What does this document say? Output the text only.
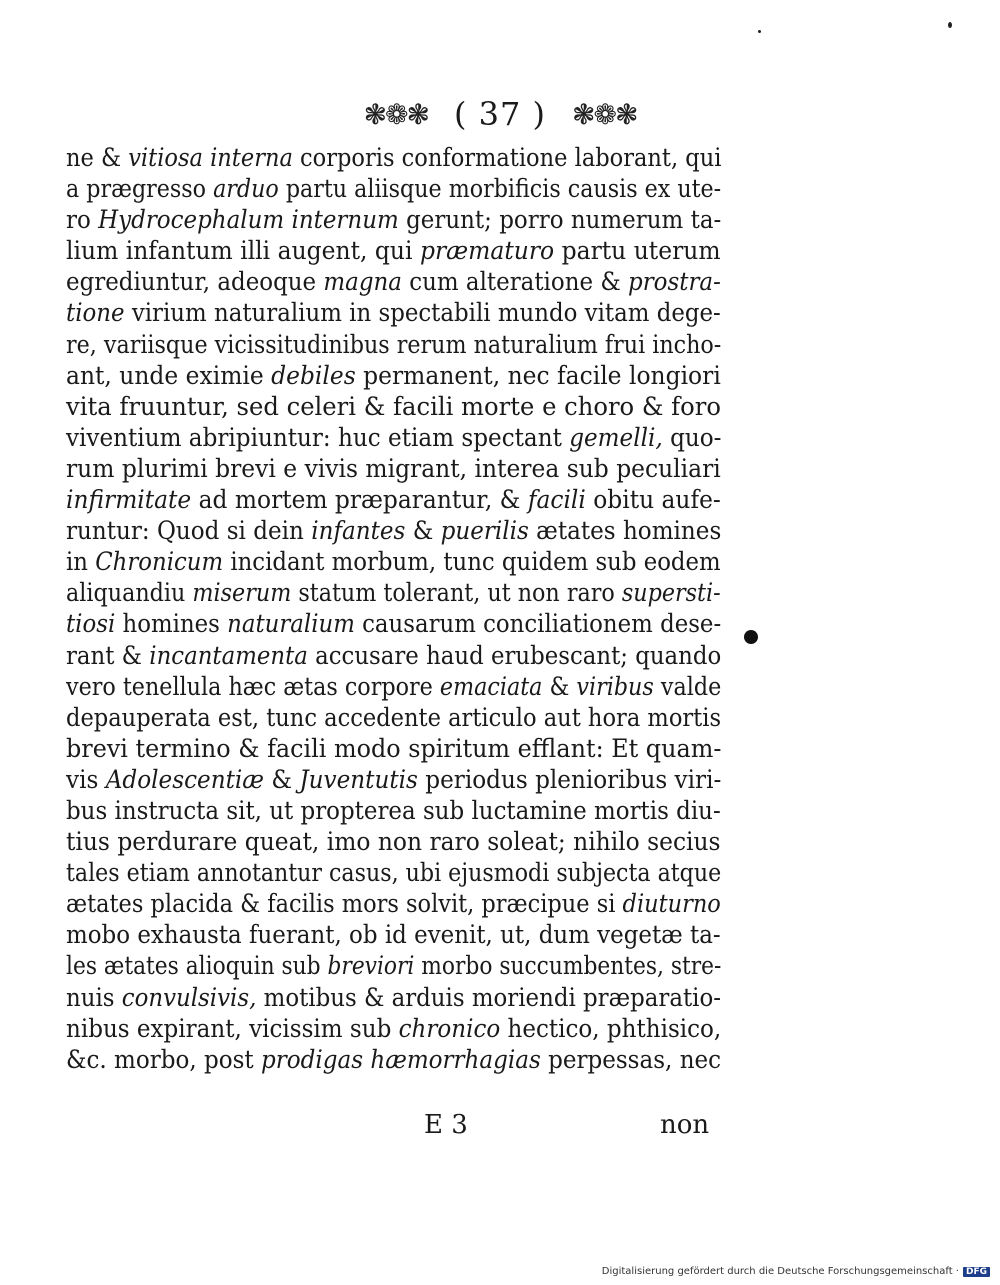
❃❁❃ ( 37 ) ❃❁❃
ne & vitiosa interna corporis conformatione laborant, qui
a prægresso arduo partu aliisque morbificis causis ex ute-
ro Hydrocephalum internum gerunt; porro numerum ta-
lium infantum illi augent, qui præmaturo partu uterum
egrediuntur, adeoque magna cum alteratione & prostra-
tione virium naturalium in spectabili mundo vitam dege-
re, variisque vicissitudinibus rerum naturalium frui incho-
ant, unde eximie debiles permanent, nec facile longiori
vita fruuntur, sed celeri & facili morte e choro & foro
viventium abripiuntur: huc etiam spectant gemelli, quo-
rum plurimi brevi e vivis migrant, interea sub peculiari
infirmitate ad mortem præparantur, & facili obitu aufe-
runtur: Quod si dein infantes & puerilis ætates homines
in Chronicum incidant morbum, tunc quidem sub eodem
aliquandiu miserum statum tolerant, ut non raro supersti-
tiosi homines naturalium causarum conciliationem dese-
rant & incantamenta accusare haud erubescant; quando
vero tenellula hæc ætas corpore emaciata & viribus valde
depauperata est, tunc accedente articulo aut hora mortis
brevi termino & facili modo spiritum efflant: Et quam-
vis Adolescentiæ & Juventutis periodus plenioribus viri-
bus instructa sit, ut propterea sub luctamine mortis diu-
tius perdurare queat, imo non raro soleat; nihilo secius
tales etiam annotantur casus, ubi ejusmodi subjecta atque
ætates placida & facilis mors solvit, præcipue si diuturno
mobo exhausta fuerant, ob id evenit, ut, dum vegetæ ta-
les ætates alioquin sub breviori morbo succumbentes, stre-
nuis convulsivis, motibus & arduis moriendi præparatio-
nibus expirant, vicissim sub chronico hectico, phthisico,
&c. morbo, post prodigas hæmorrhagias perpessas, nec
E 3	non
Digitalisierung gefördert durch die Deutsche Forschungsgemeinschaft · DFG
